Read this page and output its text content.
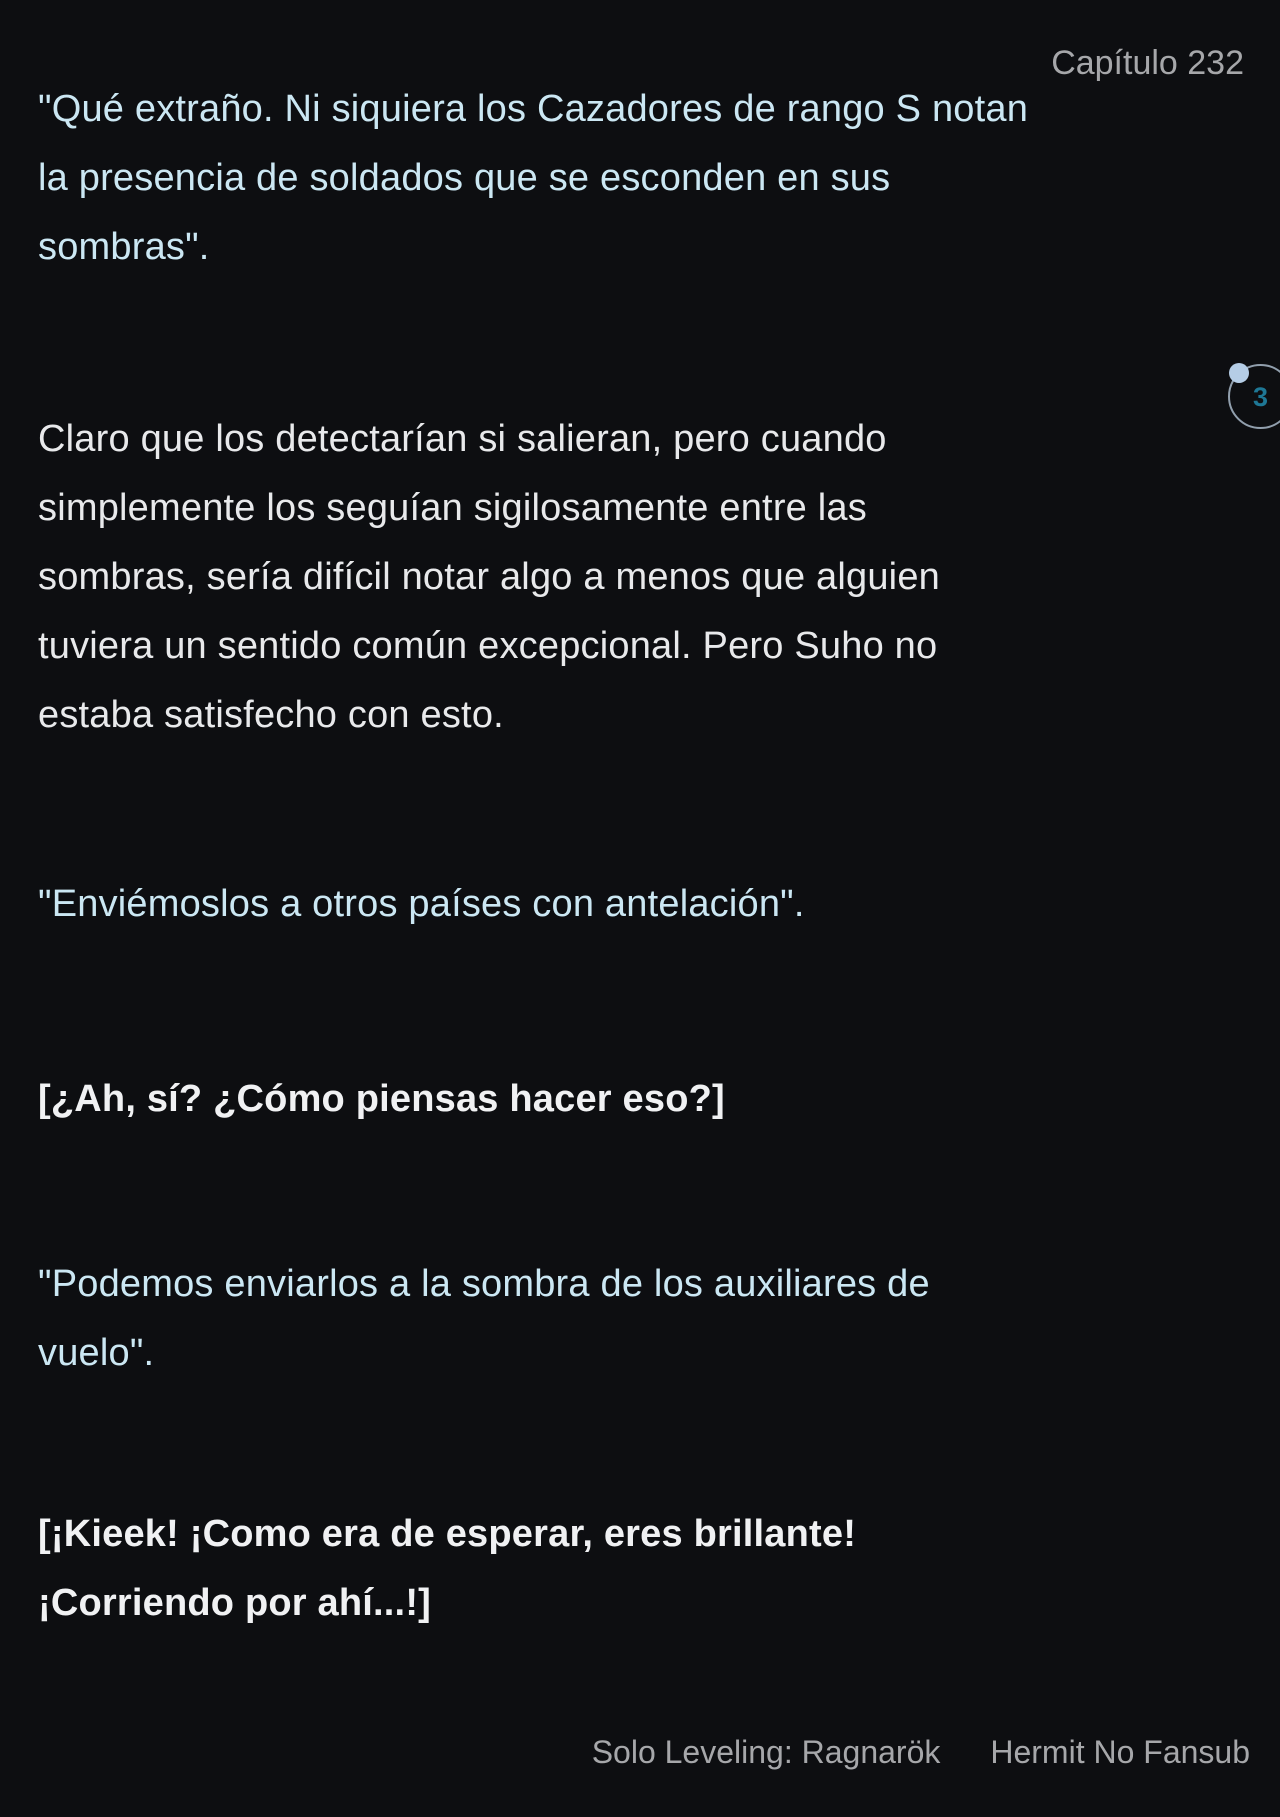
Capítulo 232
"Qué extraño. Ni siquiera los Cazadores de rango S notan
la presencia de soldados que se esconden en sus
sombras".
Claro que los detectarían si salieran, pero cuando
simplemente los seguían sigilosamente entre las
sombras, sería difícil notar algo a menos que alguien
tuviera un sentido común excepcional. Pero Suho no
estaba satisfecho con esto.
"Enviémoslos a otros países con antelación".
[¿Ah, sí? ¿Cómo piensas hacer eso?]
"Podemos enviarlos a la sombra de los auxiliares de
vuelo".
[¡Kieek! ¡Como era de esperar, eres brillante!
¡Corriendo por ahí...!]
3
Solo Leveling: Ragnarök Hermit No Fansub
